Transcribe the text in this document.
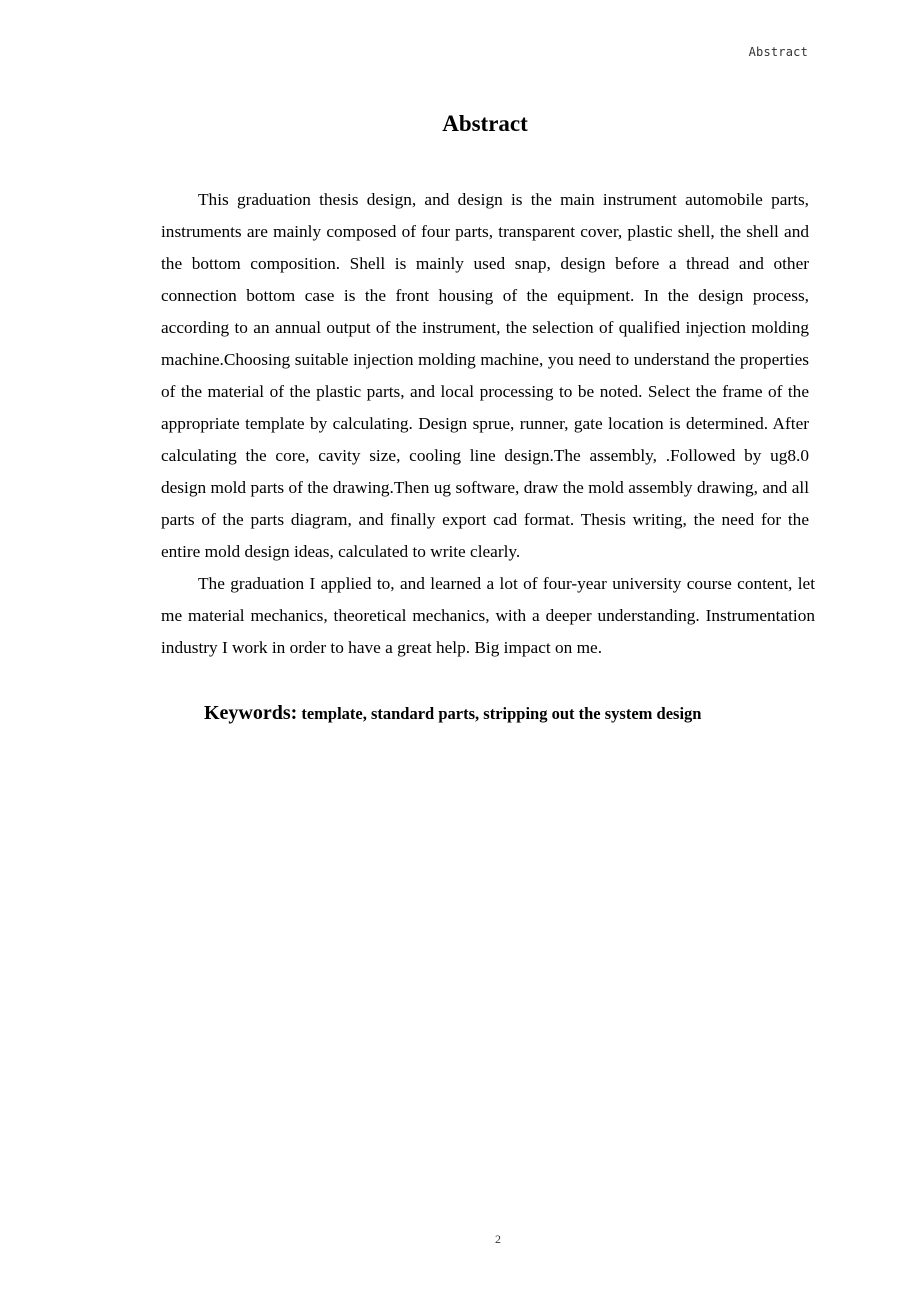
Abstract
Abstract

This graduation thesis design, and design is the main instrument automobile parts, instruments are mainly composed of four parts, transparent cover, plastic shell, the shell and the bottom composition. Shell is mainly used snap, design before a thread and other connection bottom case is the front housing of the equipment. In the design process, according to an annual output of the instrument, the selection of qualified injection molding machine.Choosing suitable injection molding machine, you need to understand the properties of the material of the plastic parts, and local processing to be noted. Select the frame of the appropriate template by calculating. Design sprue, runner, gate location is determined. After calculating the core, cavity size, cooling line design.The assembly, .Followed by ug8.0 design mold parts of the drawing.Then ug software, draw the mold assembly drawing, and all parts of the parts diagram, and finally export cad format. Thesis writing, the need for the entire mold design ideas, calculated to write clearly.

The graduation I applied to, and learned a lot of four-year university course content, let me material mechanics, theoretical mechanics, with a deeper understanding. Instrumentation industry I work in order to have a great help. Big impact on me.

Keywords: template, standard parts, stripping out the system design
2
